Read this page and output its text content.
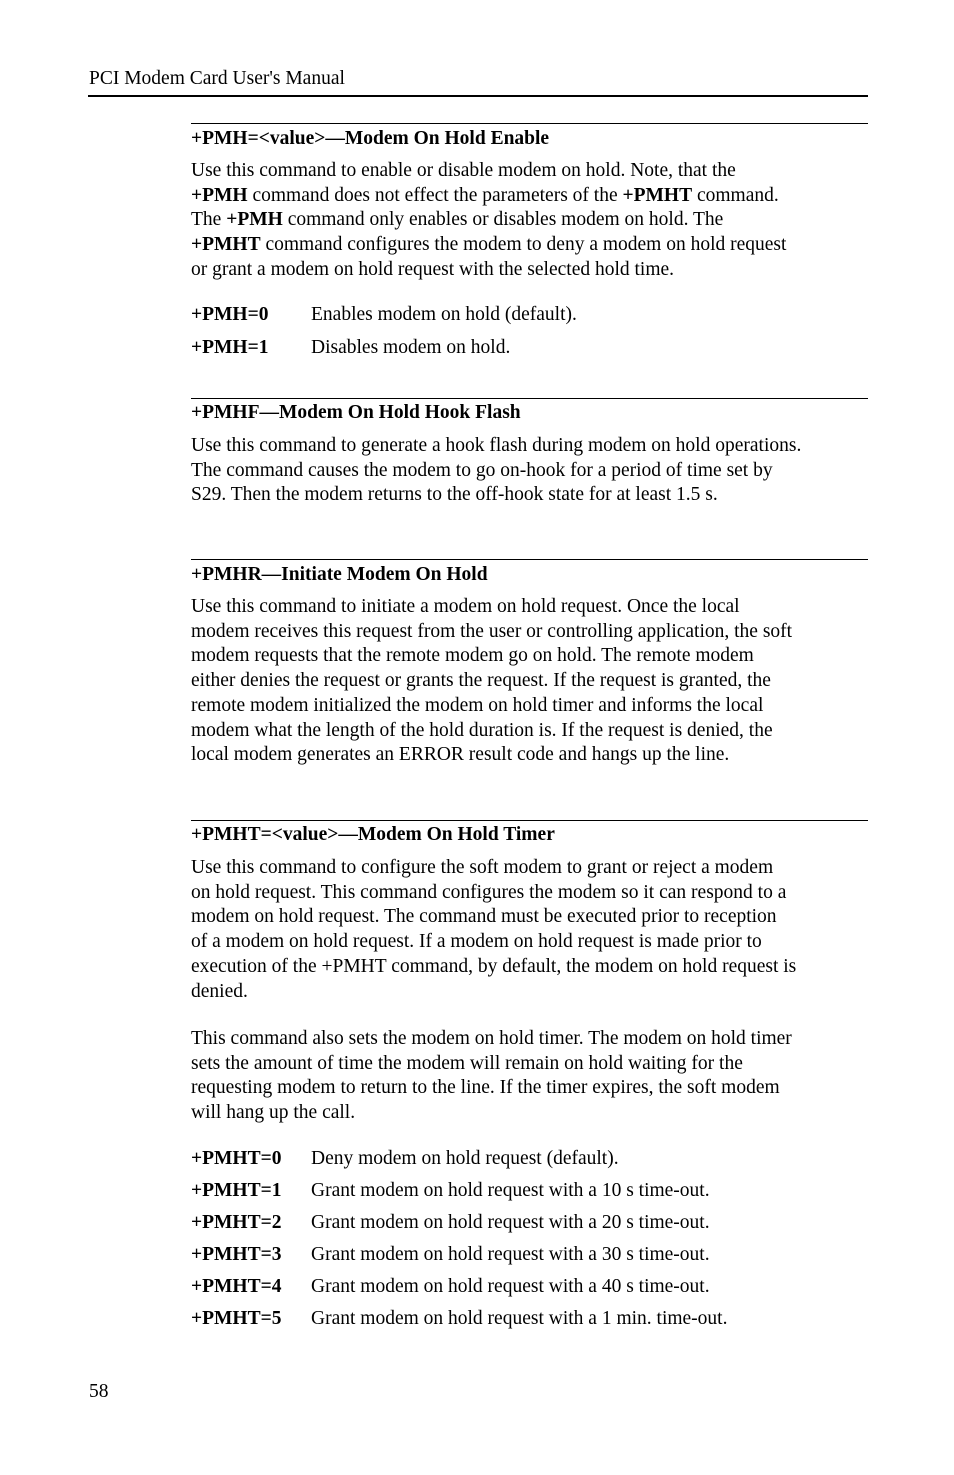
PCI Modem Card User's Manual
+PMH=<value>—Modem On Hold Enable
Use this command to enable or disable modem on hold. Note, that the
+PMH command does not effect the parameters of the +PMHT command.
The +PMH command only enables or disables modem on hold. The
+PMHT command configures the modem to deny a modem on hold request
or grant a modem on hold request with the selected hold time.
+PMH=0 Enables modem on hold (default).
+PMH=1 Disables modem on hold.
+PMHF—Modem On Hold Hook Flash
Use this command to generate a hook flash during modem on hold operations.
The command causes the modem to go on-hook for a period of time set by
S29. Then the modem returns to the off-hook state for at least 1.5 s.
+PMHR—Initiate Modem On Hold
Use this command to initiate a modem on hold request. Once the local
modem receives this request from the user or controlling application, the soft
modem requests that the remote modem go on hold. The remote modem
either denies the request or grants the request. If the request is granted, the
remote modem initialized the modem on hold timer and informs the local
modem what the length of the hold duration is. If the request is denied, the
local modem generates an ERROR result code and hangs up the line.
+PMHT=<value>—Modem On Hold Timer
Use this command to configure the soft modem to grant or reject a modem
on hold request. This command configures the modem so it can respond to a
modem on hold request. The command must be executed prior to reception
of a modem on hold request. If a modem on hold request is made prior to
execution of the +PMHT command, by default, the modem on hold request is
denied.
This command also sets the modem on hold timer. The modem on hold timer
sets the amount of time the modem will remain on hold waiting for the
requesting modem to return to the line. If the timer expires, the soft modem
will hang up the call.
+PMHT=0 Deny modem on hold request (default).
+PMHT=1 Grant modem on hold request with a 10 s time-out.
+PMHT=2 Grant modem on hold request with a 20 s time-out.
+PMHT=3 Grant modem on hold request with a 30 s time-out.
+PMHT=4 Grant modem on hold request with a 40 s time-out.
+PMHT=5 Grant modem on hold request with a 1 min. time-out.
58
